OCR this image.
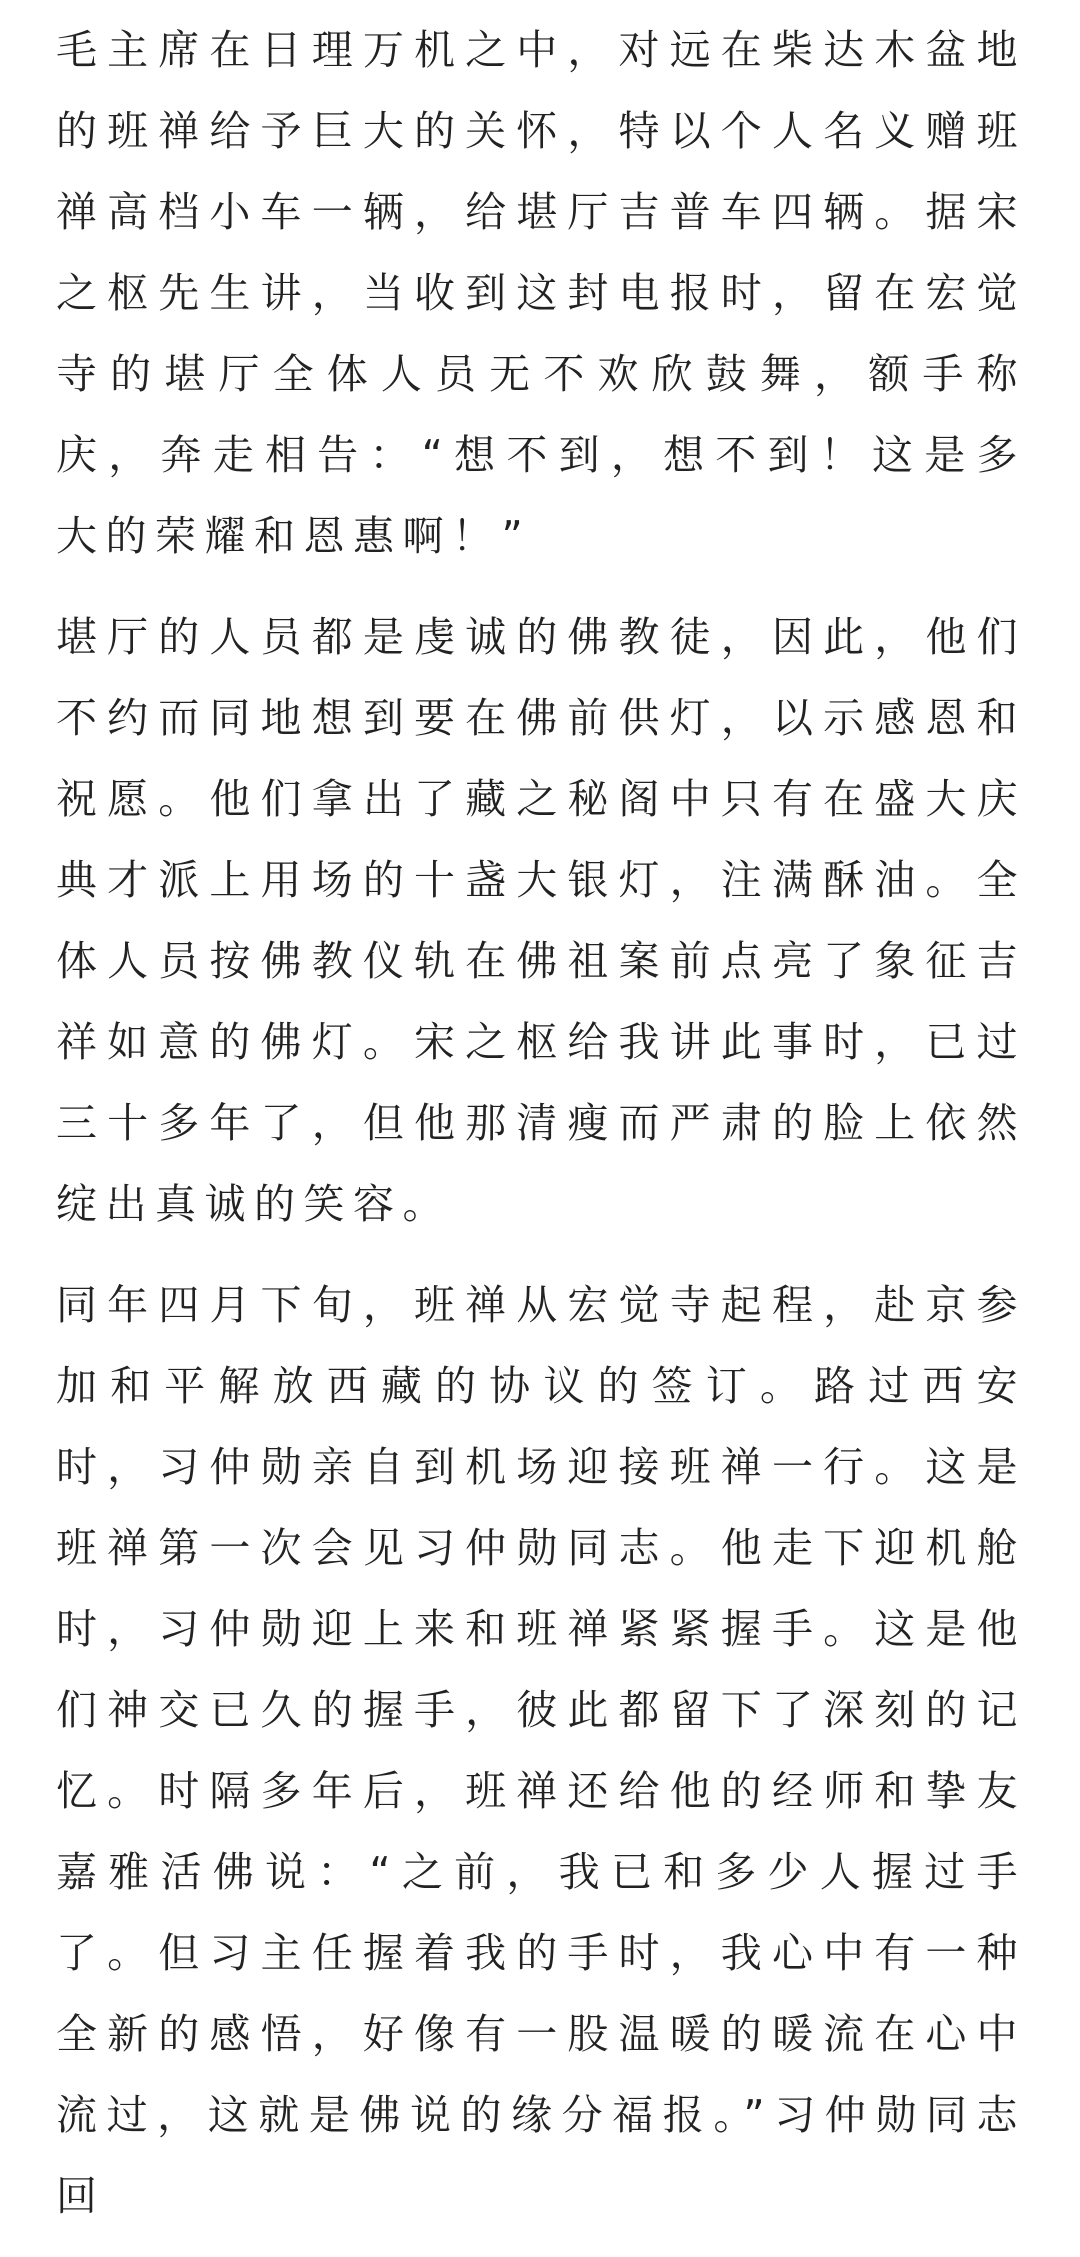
毛主席在日理万机之中，对远在柴达木盆地的班禅给予巨大的关怀，特以个人名义赠班禅高档小车一辆，给堪厅吉普车四辆。据宋之枢先生讲，当收到这封电报时，留在宏觉寺的堪厅全体人员无不欢欣鼓舞，额手称庆，奔走相告：“想不到，想不到！这是多大的荣耀和恩惠啊！”

堪厅的人员都是虔诚的佛教徒，因此，他们不约而同地想到要在佛前供灯，以示感恩和祝愿。他们拿出了藏之秘阁中只有在盛大庆典才派上用场的十盏大银灯，注满酥油。全体人员按佛教仪轨在佛祖案前点亮了象征吉祥如意的佛灯。宋之枢给我讲此事时，已过三十多年了，但他那清瘦而严肃的脸上依然绽出真诚的笑容。

同年四月下旬，班禅从宏觉寺起程，赴京参加和平解放西藏的协议的签订。路过西安时，习仲勋亲自到机场迎接班禅一行。这是班禅第一次会见习仲勋同志。他走下迎机舱时，习仲勋迎上来和班禅紧紧握手。这是他们神交已久的握手，彼此都留下了深刻的记忆。时隔多年后，班禅还给他的经师和挚友嘉雅活佛说：“之前，我已和多少人握过手了。但习主任握着我的手时，我心中有一种全新的感悟，好像有一股温暖的暖流在心中流过，这就是佛说的缘分福报。”习仲勋同志回
